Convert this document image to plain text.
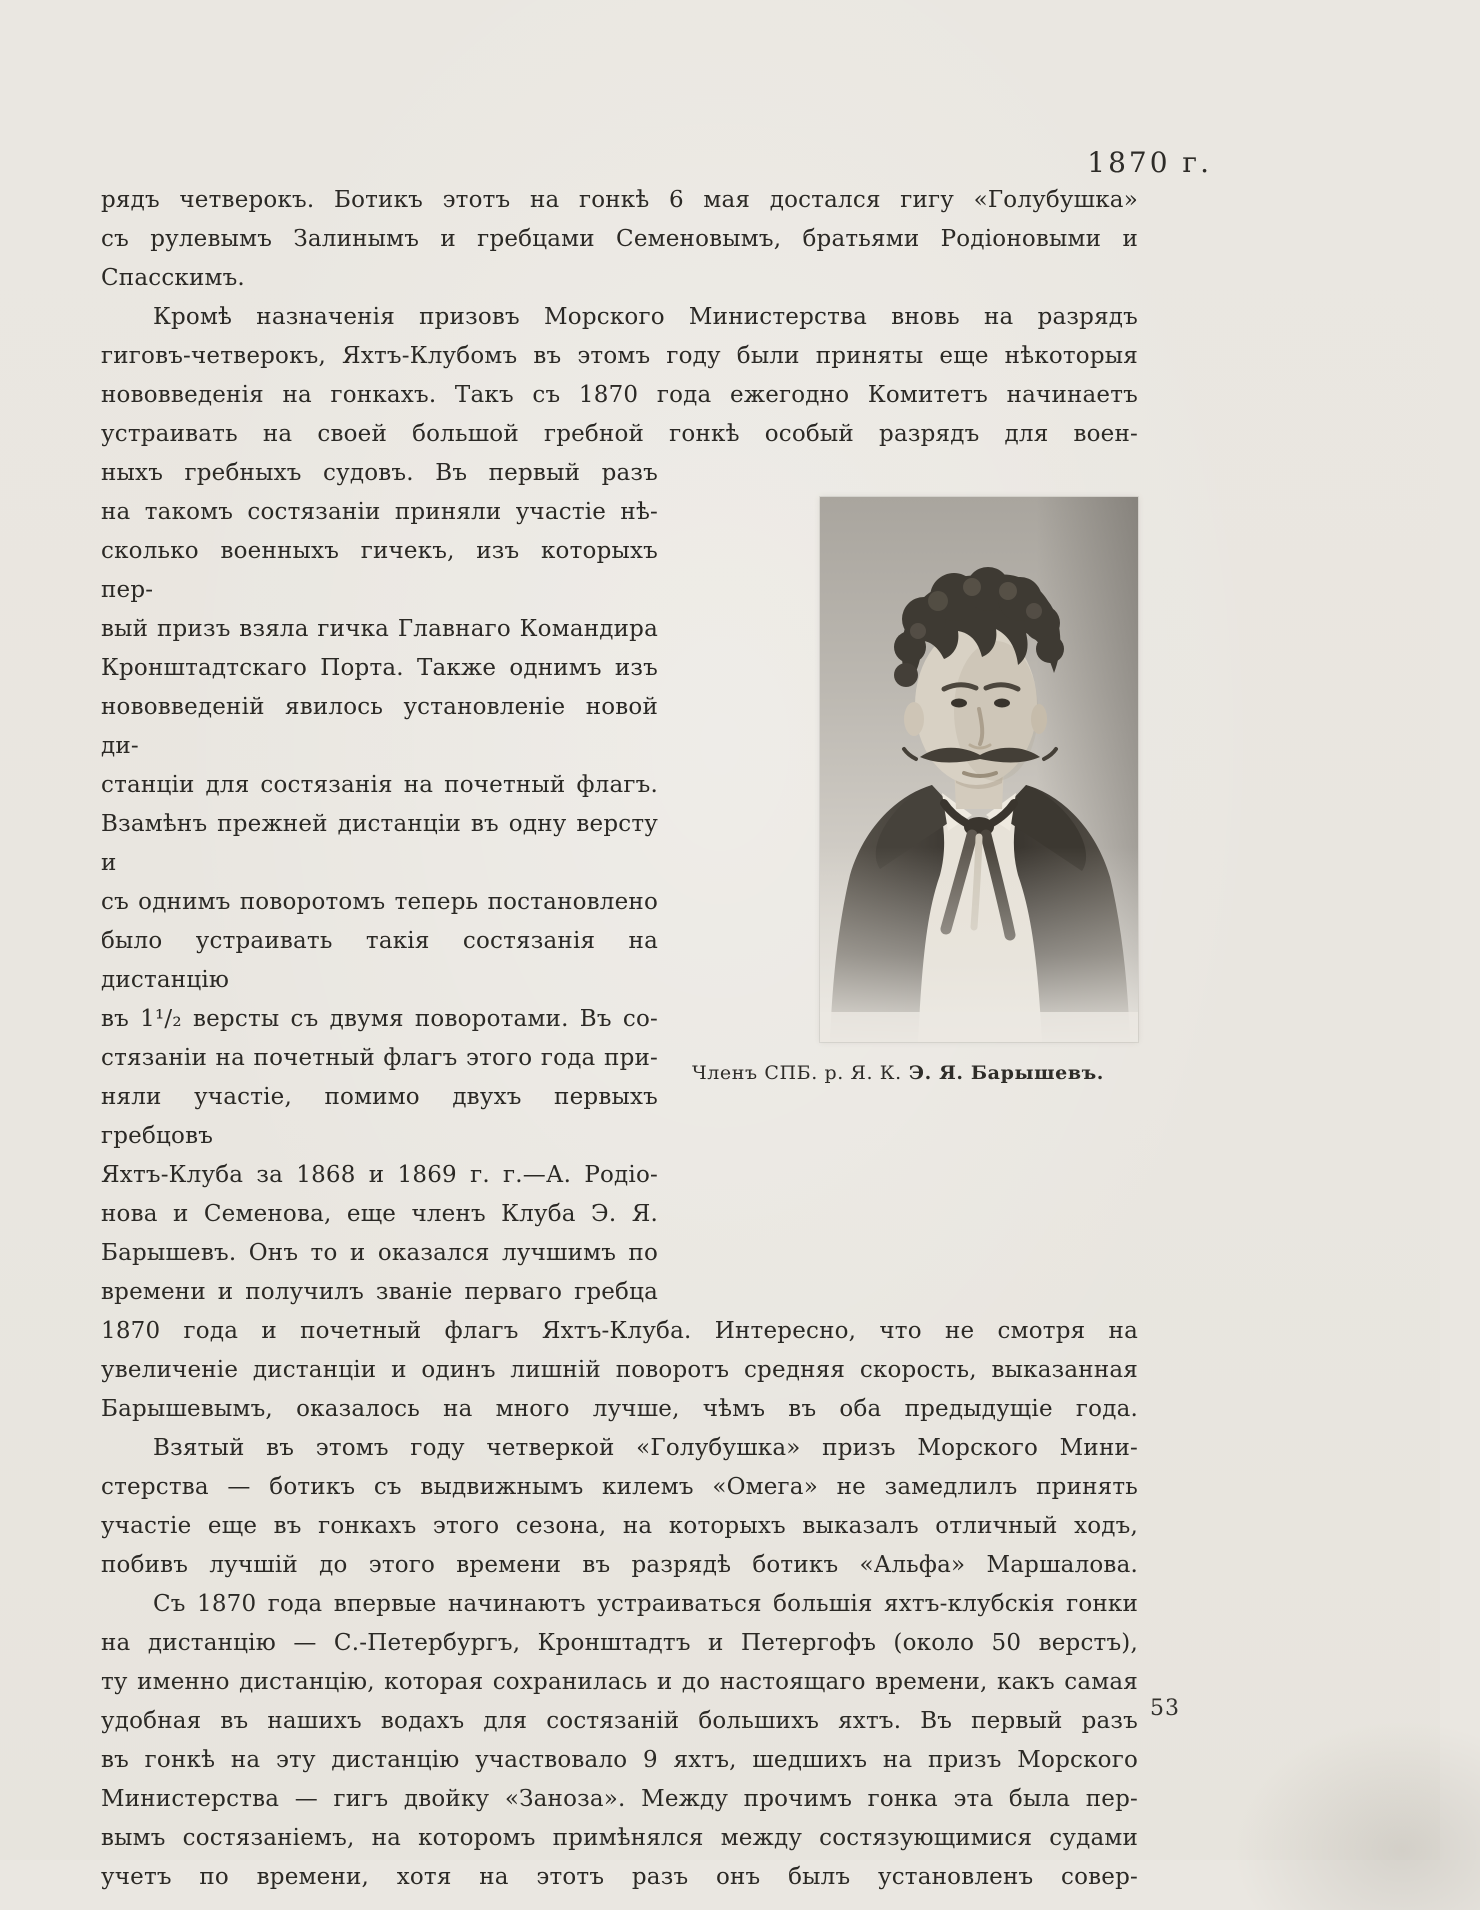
1870 г.
рядъ четверокъ. Ботикъ этотъ на гонкѣ 6 мая достался гигу «Голубушка»
съ рулевымъ Залинымъ и гребцами Семеновымъ, братьями Родіоновыми и
Спасскимъ.
Кромѣ назначенія призовъ Морского Министерства вновь на разрядъ
гиговъ-четверокъ, Яхтъ-Клубомъ въ этомъ году были приняты еще нѣкоторыя
нововведенія на гонкахъ. Такъ съ 1870 года ежегодно Комитетъ начинаетъ
устраивать на своей большой гребной гонкѣ особый разрядъ для воен-
ныхъ гребныхъ судовъ. Въ первый разъ
на такомъ состязаніи приняли участіе нѣ-
сколько военныхъ гичекъ, изъ которыхъ пер-
вый призъ взяла гичка Главнаго Командира
Кронштадтскаго Порта. Также однимъ изъ
нововведеній явилось установленіе новой ди-
станціи для состязанія на почетный флагъ.
Взамѣнъ прежней дистанціи въ одну версту и
съ однимъ поворотомъ теперь постановлено
было устраивать такія состязанія на дистанцію
въ 1¹/₂ версты съ двумя поворотами. Въ со-
стязаніи на почетный флагъ этого года при-
няли участіе, помимо двухъ первыхъ гребцовъ
Яхтъ-Клуба за 1868 и 1869 г. г.—А. Родіо-
нова и Семенова, еще членъ Клуба Э. Я.
Барышевъ. Онъ то и оказался лучшимъ по
времени и получилъ званіе перваго гребца
Членъ СПБ. р. Я. К. Э. Я. Барышевъ.
1870 года и почетный флагъ Яхтъ-Клуба. Интересно, что не смотря на
увеличеніе дистанціи и одинъ лишній поворотъ средняя скорость, выказанная
Барышевымъ, оказалось на много лучше, чѣмъ въ оба предыдущіе года.
Взятый въ этомъ году четверкой «Голубушка» призъ Морского Мини-
стерства — ботикъ съ выдвижнымъ килемъ «Омега» не замедлилъ принять
участіе еще въ гонкахъ этого сезона, на которыхъ выказалъ отличный ходъ,
побивъ лучшій до этого времени въ разрядѣ ботикъ «Альфа» Маршалова.
Съ 1870 года впервые начинаютъ устраиваться большія яхтъ-клубскія гонки
на дистанцію — С.-Петербургъ, Кронштадтъ и Петергофъ (около 50 верстъ),
ту именно дистанцію, которая сохранилась и до настоящаго времени, какъ самая
удобная въ нашихъ водахъ для состязаній большихъ яхтъ. Въ первый разъ
въ гонкѣ на эту дистанцію участвовало 9 яхтъ, шедшихъ на призъ Морского
Министерства — гигъ двойку «Заноза». Между прочимъ гонка эта была пер-
вымъ состязаніемъ, на которомъ примѣнялся между состязующимися судами
учетъ по времени, хотя на этотъ разъ онъ былъ установленъ совер-
53
